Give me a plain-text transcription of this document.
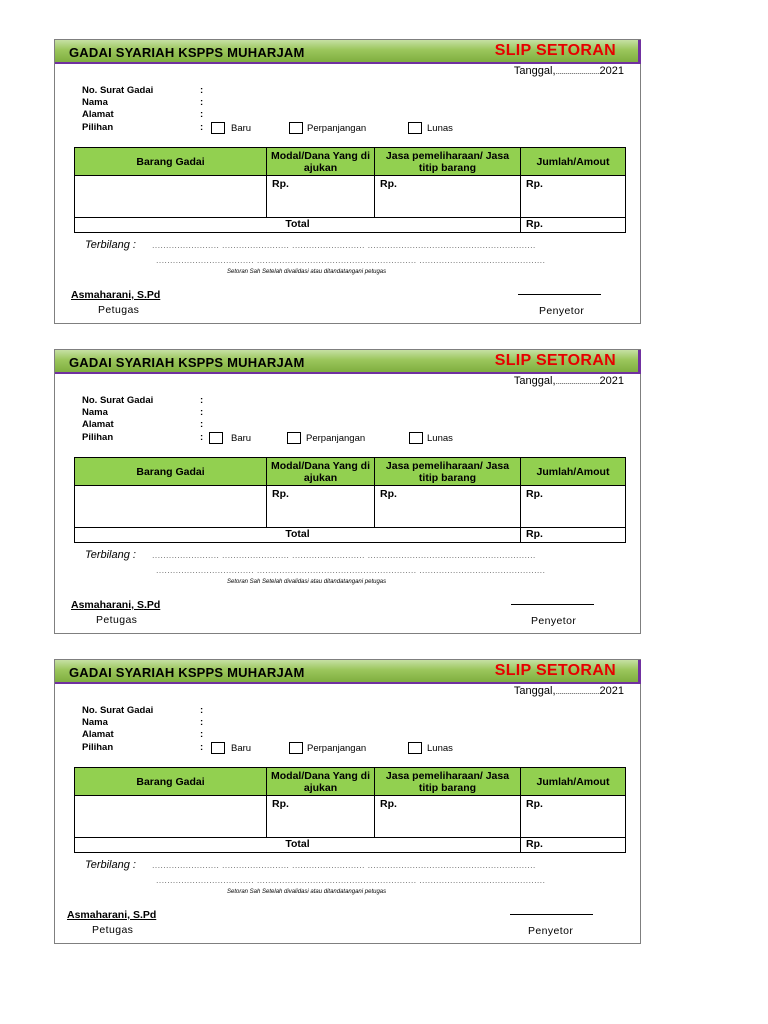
GADAI SYARIAH KSPPS MUHARJAM	SLIP SETORAN
Tanggal,......................2021
No. Surat Gadai	:
Nama	:
Alamat	:
Pilihan	:	Baru	Perpanjangan	Lunas
Barang Gadai	Modal/Dana Yang di ajukan	Jasa pemeliharaan/ Jasa titip barang	Jumlah/Amout
	Rp.	Rp.	Rp.
Total			Rp.
Terbilang : ........................ ........................ .......................... ............................................................
................................... ......................................................... .............................................
Setoran Sah Setelah divalidasi atau ditandatangani petugas
Asmaharani, S.Pd
Petugas	Penyetor
GADAI SYARIAH KSPPS MUHARJAM	SLIP SETORAN
Tanggal,......................2021
No. Surat Gadai	:
Nama	:
Alamat	:
Pilihan	:	Baru	Perpanjangan	Lunas
Barang Gadai	Modal/Dana Yang di ajukan	Jasa pemeliharaan/ Jasa titip barang	Jumlah/Amout
	Rp.	Rp.	Rp.
Total			Rp.
Terbilang : ........................ ........................ .......................... ............................................................
................................... ......................................................... .............................................
Setoran Sah Setelah divalidasi atau ditandatangani petugas
Asmaharani, S.Pd
Petugas	Penyetor
GADAI SYARIAH KSPPS MUHARJAM	SLIP SETORAN
Tanggal,......................2021
No. Surat Gadai	:
Nama	:
Alamat	:
Pilihan	:	Baru	Perpanjangan	Lunas
Barang Gadai	Modal/Dana Yang di ajukan	Jasa pemeliharaan/ Jasa titip barang	Jumlah/Amout
	Rp.	Rp.	Rp.
Total			Rp.
Terbilang : ........................ ........................ .......................... ............................................................
................................... ......................................................... .............................................
Setoran Sah Setelah divalidasi atau ditandatangani petugas
Asmaharani, S.Pd
Petugas	Penyetor
